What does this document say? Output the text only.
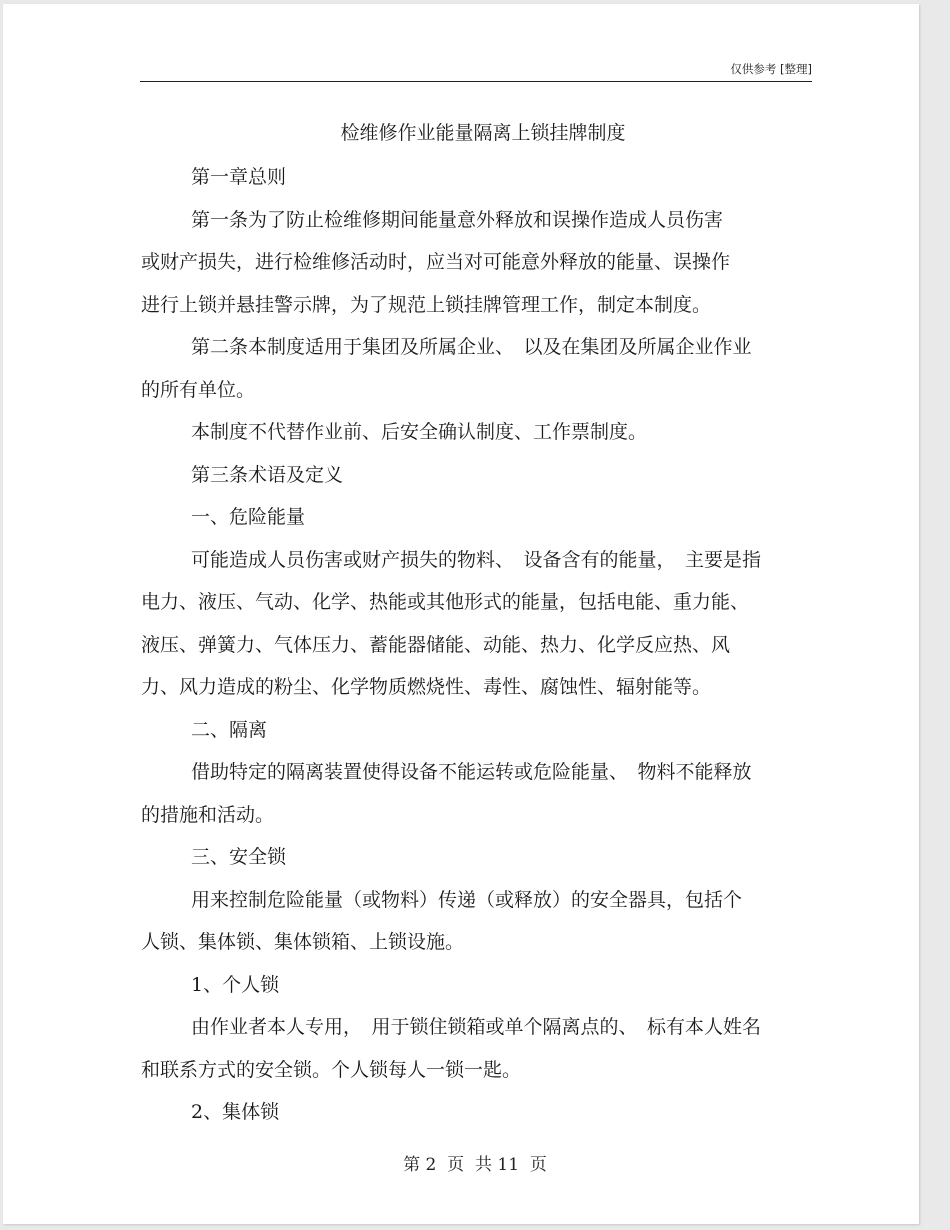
仅供参考 [整理]
检维修作业能量隔离上锁挂牌制度
第一章总则
第一条为了防止检维修期间能量意外释放和误操作造成人员伤害
或财产损失，进行检维修活动时，应当对可能意外释放的能量、误操作
进行上锁并悬挂警示牌，为了规范上锁挂牌管理工作，制定本制度。
第二条本制度适用于集团及所属企业、　以及在集团及所属企业作业
的所有单位。
本制度不代替作业前、后安全确认制度、工作票制度。
第三条术语及定义
一、危险能量
可能造成人员伤害或财产损失的物料、　设备含有的能量，　主要是指
电力、液压、气动、化学、热能或其他形式的能量，包括电能、重力能、
液压、弹簧力、气体压力、蓄能器储能、动能、热力、化学反应热、风
力、风力造成的粉尘、化学物质燃烧性、毒性、腐蚀性、辐射能等。
二、隔离
借助特定的隔离装置使得设备不能运转或危险能量、　物料不能释放
的措施和活动。
三、安全锁
用来控制危险能量（或物料）传递（或释放）的安全器具，包括个
人锁、集体锁、集体锁箱、上锁设施。
1、个人锁
由作业者本人专用，　用于锁住锁箱或单个隔离点的、　标有本人姓名
和联系方式的安全锁。个人锁每人一锁一匙。
2、集体锁
第 2  页  共 11  页
